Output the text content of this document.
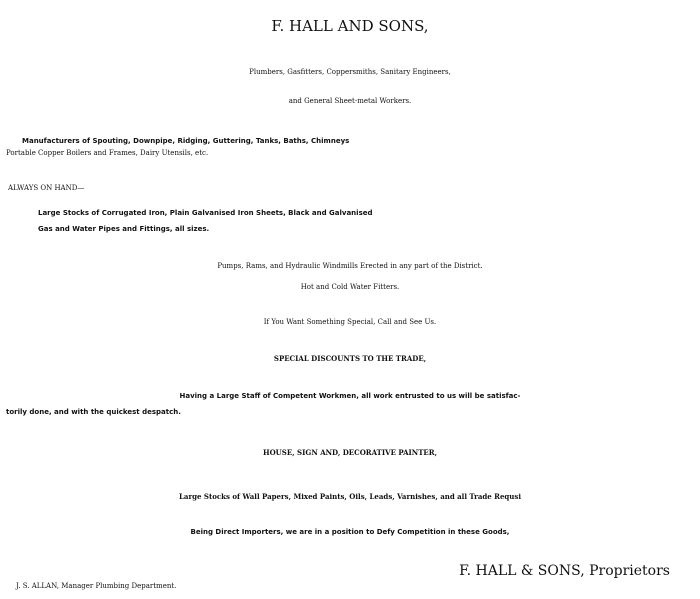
F. HALL AND SONS,
Plumbers, Gasfitters, Coppersmiths, Sanitary Engineers,
and General Sheet-metal Workers.
Manufacturers of Spouting, Downpipe, Ridging, Guttering, Tanks, Baths, Chimneys
Portable Copper Boilers and Frames, Dairy Utensils, etc.
ALWAYS ON HAND—
Large Stocks of Corrugated Iron, Plain Galvanised Iron Sheets, Black and Galvanised
Gas and Water Pipes and Fittings, all sizes.
Pumps, Rams, and Hydraulic Windmills Erected in any part of the District.
Hot and Cold Water Fitters.
If You Want Something Special, Call and See Us.
SPECIAL DISCOUNTS TO THE TRADE,
Having a Large Staff of Competent Workmen, all work entrusted to us will be satisfac-
torily done, and with the quickest despatch.
HOUSE, SIGN AND, DECORATIVE PAINTER,
Large Stocks of Wall Papers, Mixed Paints, Oils, Leads, Varnishes, and all Trade Requsi
Being Direct Importers, we are in a position to Defy Competition in these Goods,
F. HALL & SONS, Proprietors
J. S. ALLAN, Manager Plumbing Department.
